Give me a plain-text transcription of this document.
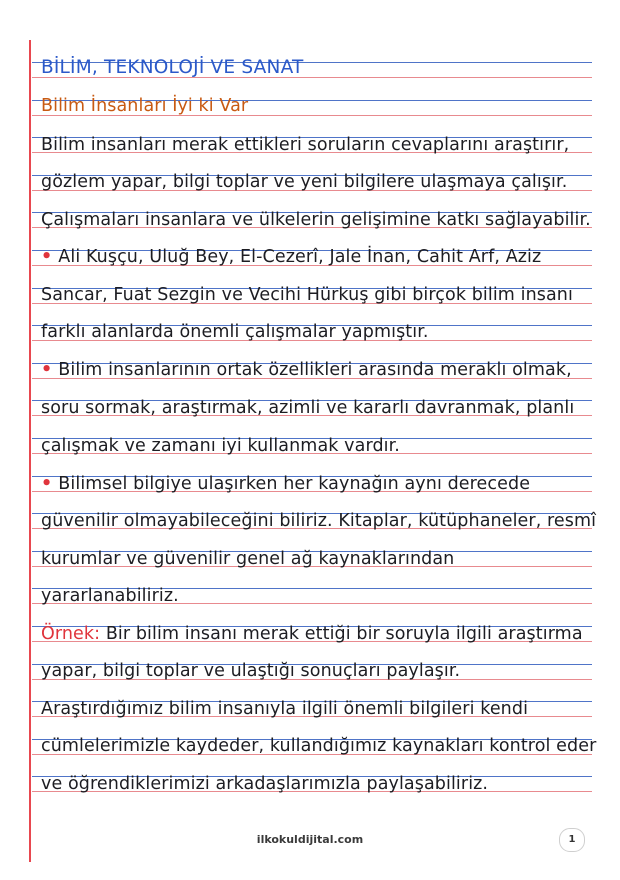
BİLİM, TEKNOLOJİ VE SANAT
Bilim İnsanları İyi ki Var
Bilim insanları merak ettikleri soruların cevaplarını araştırır,
gözlem yapar, bilgi toplar ve yeni bilgilere ulaşmaya çalışır.
Çalışmaları insanlara ve ülkelerin gelişimine katkı sağlayabilir.
• Ali Kuşçu, Uluğ Bey, El-Cezerî, Jale İnan, Cahit Arf, Aziz
Sancar, Fuat Sezgin ve Vecihi Hürkuş gibi birçok bilim insanı
farklı alanlarda önemli çalışmalar yapmıştır.
• Bilim insanlarının ortak özellikleri arasında meraklı olmak,
soru sormak, araştırmak, azimli ve kararlı davranmak, planlı
çalışmak ve zamanı iyi kullanmak vardır.
• Bilimsel bilgiye ulaşırken her kaynağın aynı derecede
güvenilir olmayabileceğini biliriz. Kitaplar, kütüphaneler, resmî
kurumlar ve güvenilir genel ağ kaynaklarından
yararlanabiliriz.
Örnek: Bir bilim insanı merak ettiği bir soruyla ilgili araştırma
yapar, bilgi toplar ve ulaştığı sonuçları paylaşır.
Araştırdığımız bilim insanıyla ilgili önemli bilgileri kendi
cümlelerimizle kaydeder, kullandığımız kaynakları kontrol eder
ve öğrendiklerimizi arkadaşlarımızla paylaşabiliriz.
ilkokuldijital.com	1
